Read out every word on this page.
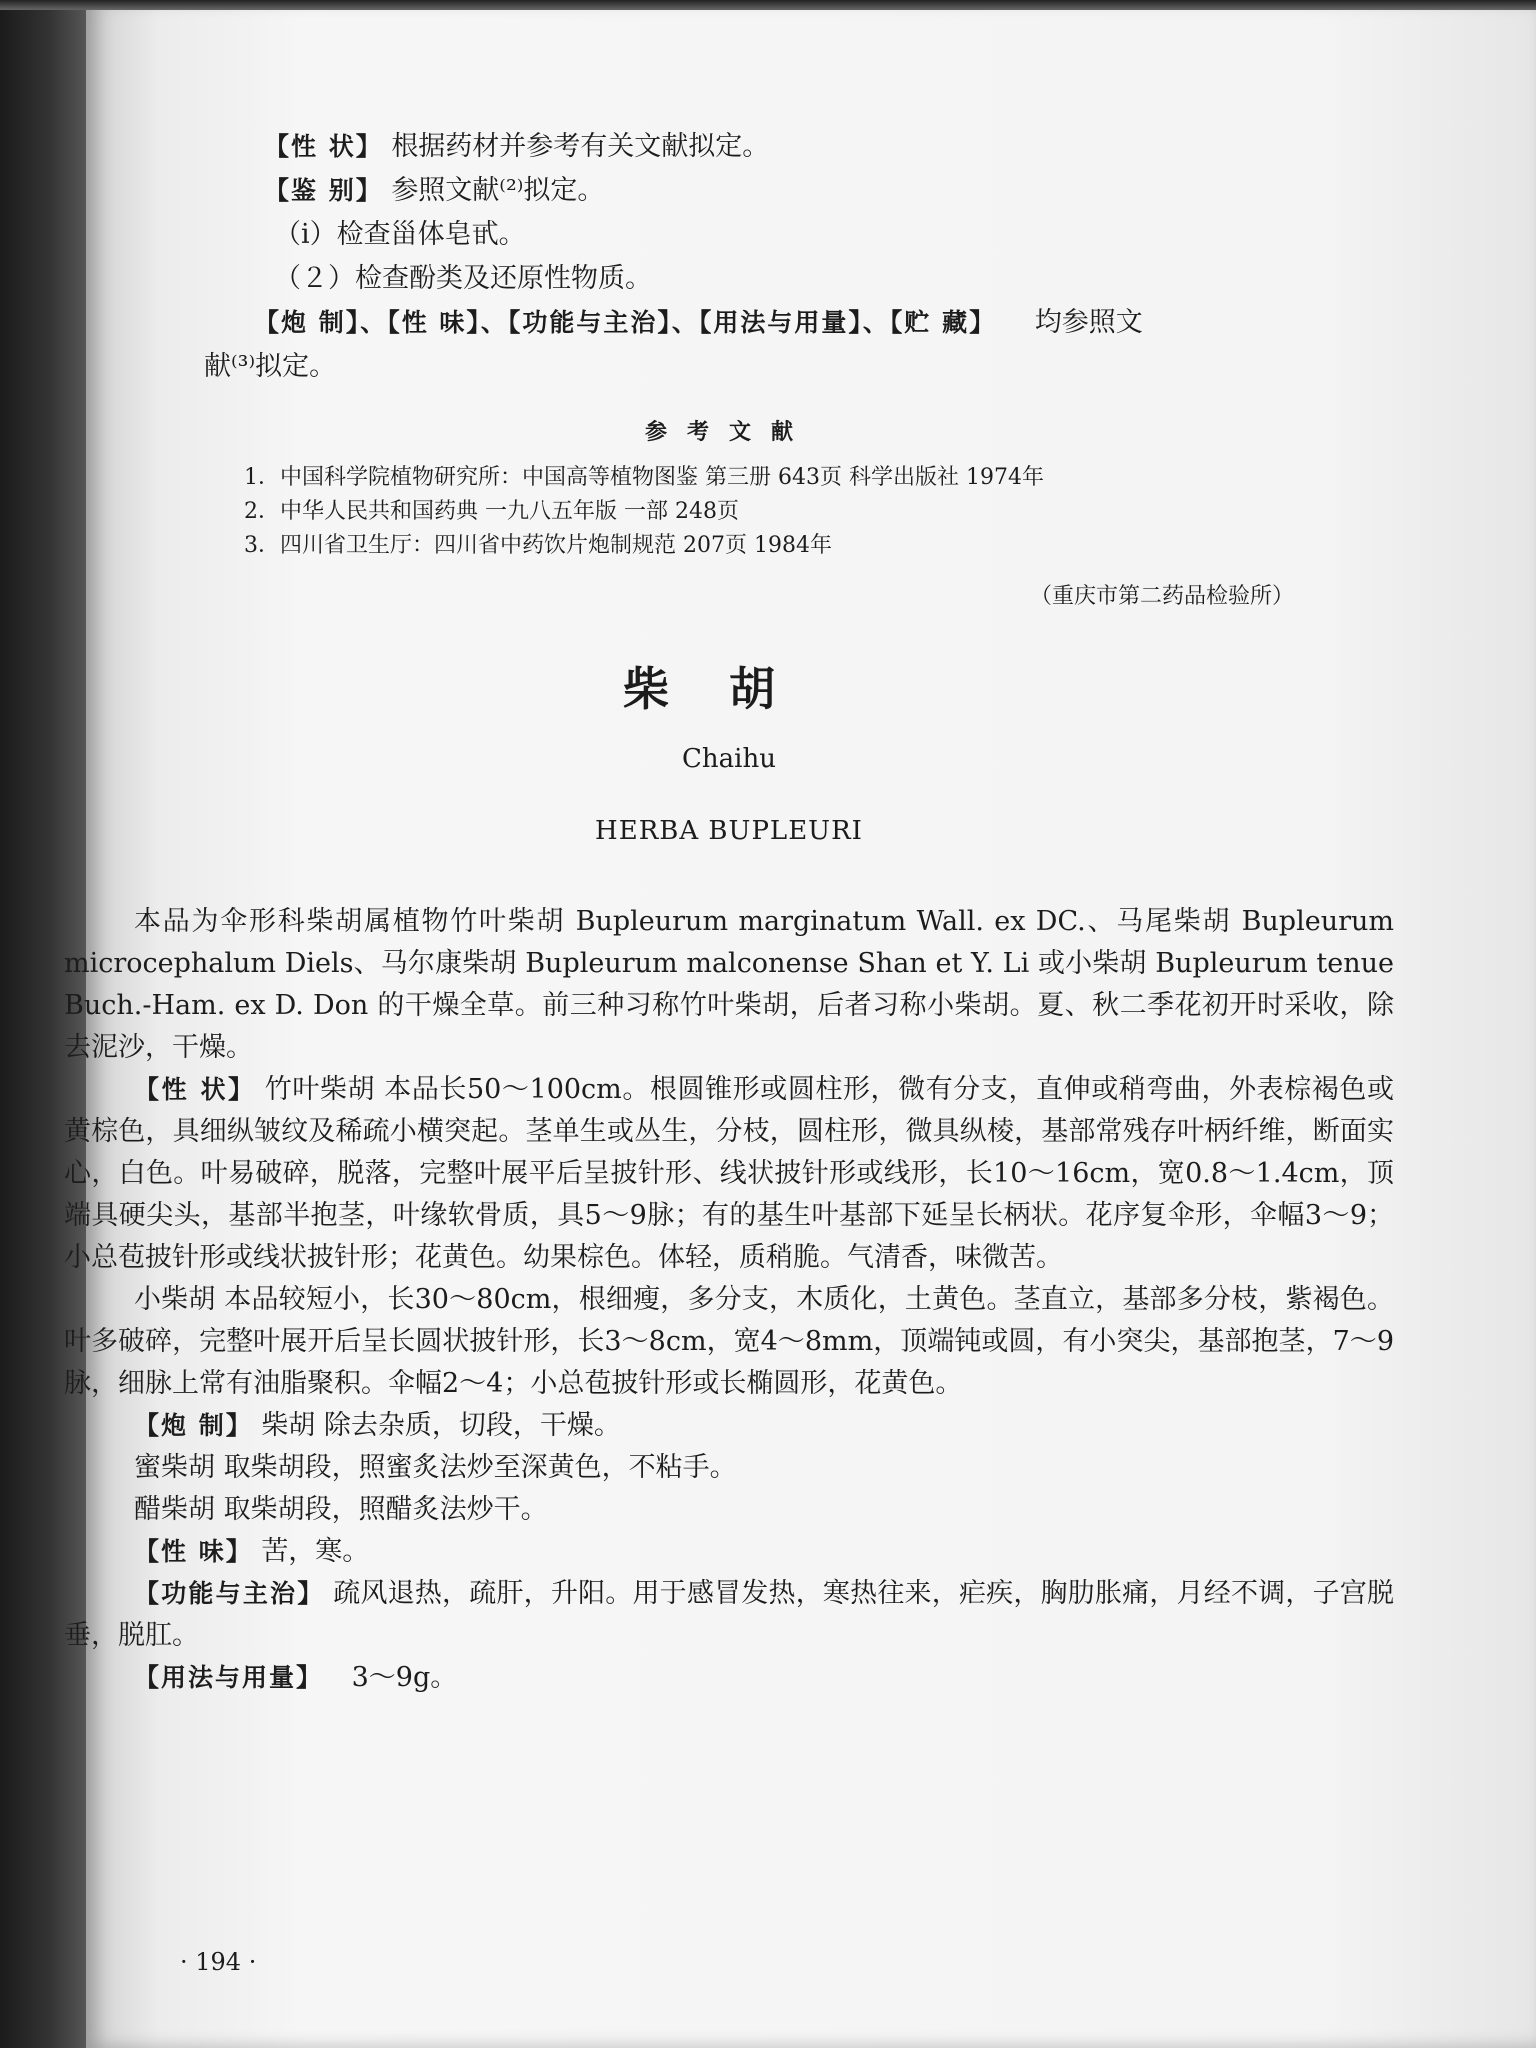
【性 状】 根据药材并参考有关文献拟定。
【鉴 别】 参照文献⁽²⁾拟定。
（ⅰ）检查甾体皂甙。
（２）检查酚类及还原性物质。
【炮 制】、【性 味】、【功能与主治】、【用法与用量】、【贮 藏】 均参照文
献⁽³⁾拟定。
参考文献
1．中国科学院植物研究所：中国高等植物图鉴 第三册 643页 科学出版社 1974年
2．中华人民共和国药典 一九八五年版 一部 248页
3．四川省卫生厅：四川省中药饮片炮制规范 207页 1984年
（重庆市第二药品检验所）
柴胡
Chaihu
HERBA BUPLEURI

本品为伞形科柴胡属植物竹叶柴胡 Bupleurum marginatum Wall. ex DC.、马尾柴胡 Bupleurum microcephalum Diels、马尔康柴胡 Bupleurum malconense Shan et Y. Li 或小柴胡 Bupleurum tenue Buch.-Ham. ex D. Don 的干燥全草。前三种习称竹叶柴胡，后者习称小柴胡。夏、秋二季花初开时采收，除去泥沙，干燥。

【性 状】 竹叶柴胡 本品长50～100cm。根圆锥形或圆柱形，微有分支，直伸或稍弯曲，外表棕褐色或黄棕色，具细纵皱纹及稀疏小横突起。茎单生或丛生，分枝，圆柱形，微具纵棱，基部常残存叶柄纤维，断面实心，白色。叶易破碎，脱落，完整叶展平后呈披针形、线状披针形或线形，长10～16cm，宽0.8～1.4cm，顶端具硬尖头，基部半抱茎，叶缘软骨质，具5～9脉；有的基生叶基部下延呈长柄状。花序复伞形，伞幅3～9；小总苞披针形或线状披针形；花黄色。幼果棕色。体轻，质稍脆。气清香，味微苦。

小柴胡 本品较短小，长30～80cm，根细瘦，多分支，木质化，土黄色。茎直立，基部多分枝，紫褐色。叶多破碎，完整叶展开后呈长圆状披针形，长3～8cm，宽4～8mm，顶端钝或圆，有小突尖，基部抱茎，7～9脉，细脉上常有油脂聚积。伞幅2～4；小总苞披针形或长椭圆形，花黄色。

【炮 制】 柴胡 除去杂质，切段，干燥。

蜜柴胡 取柴胡段，照蜜炙法炒至深黄色，不粘手。

醋柴胡 取柴胡段，照醋炙法炒干。

【性 味】 苦，寒。

【功能与主治】 疏风退热，疏肝，升阳。用于感冒发热，寒热往来，疟疾，胸肋胀痛，月经不调，子宫脱垂，脱肛。

【用法与用量】 3～9g。

· 194 ·
